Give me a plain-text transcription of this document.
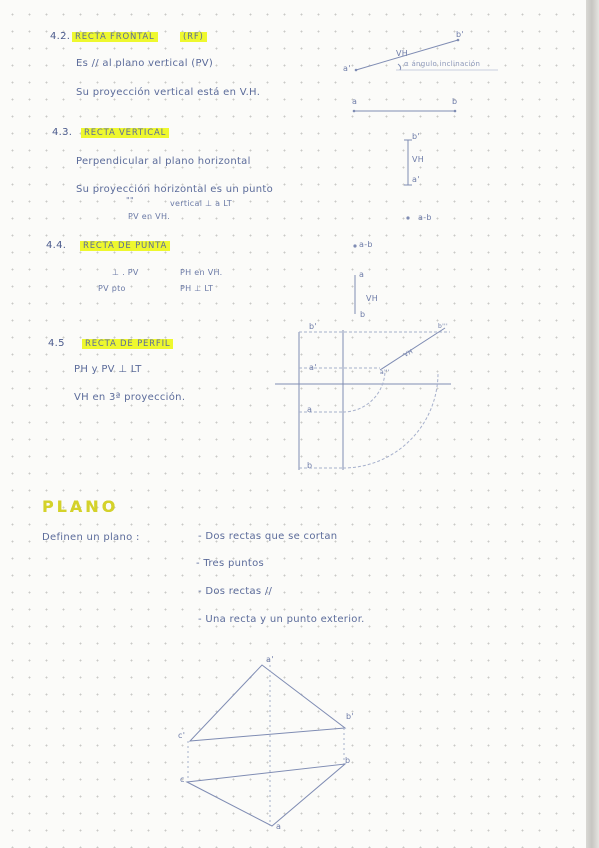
4.2. RECTA FRONTAL	(RF)
Es // al plano vertical (PV)
Su proyección vertical está en V.H.
b'
VH
a'	α ángulo inclinación
a	b
4.3.	RECTA VERTICAL
Perpendicular al plano horizontal
Su proyección horizontal es un punto
""	vertical ⊥ a LT
PV en VH.
b'
VH
a'
a-b
4.4.	RECTA DE PUNTA
⊥ . PV	PH en VH.
PV pto	PH ⊥ LT
a-b
a
VH
b
4.5	RECTA DE PERFIL
PH y PV ⊥ LT
VH en 3ª proyección.
b'
a'
a'''
b'''
VH
a
b
PLANO
Definen un plano :	- Dos rectas que se cortan
- Tres puntos
- Dos rectas //
- Una recta y un punto exterior.
a'
b'
c'
c
b
a
